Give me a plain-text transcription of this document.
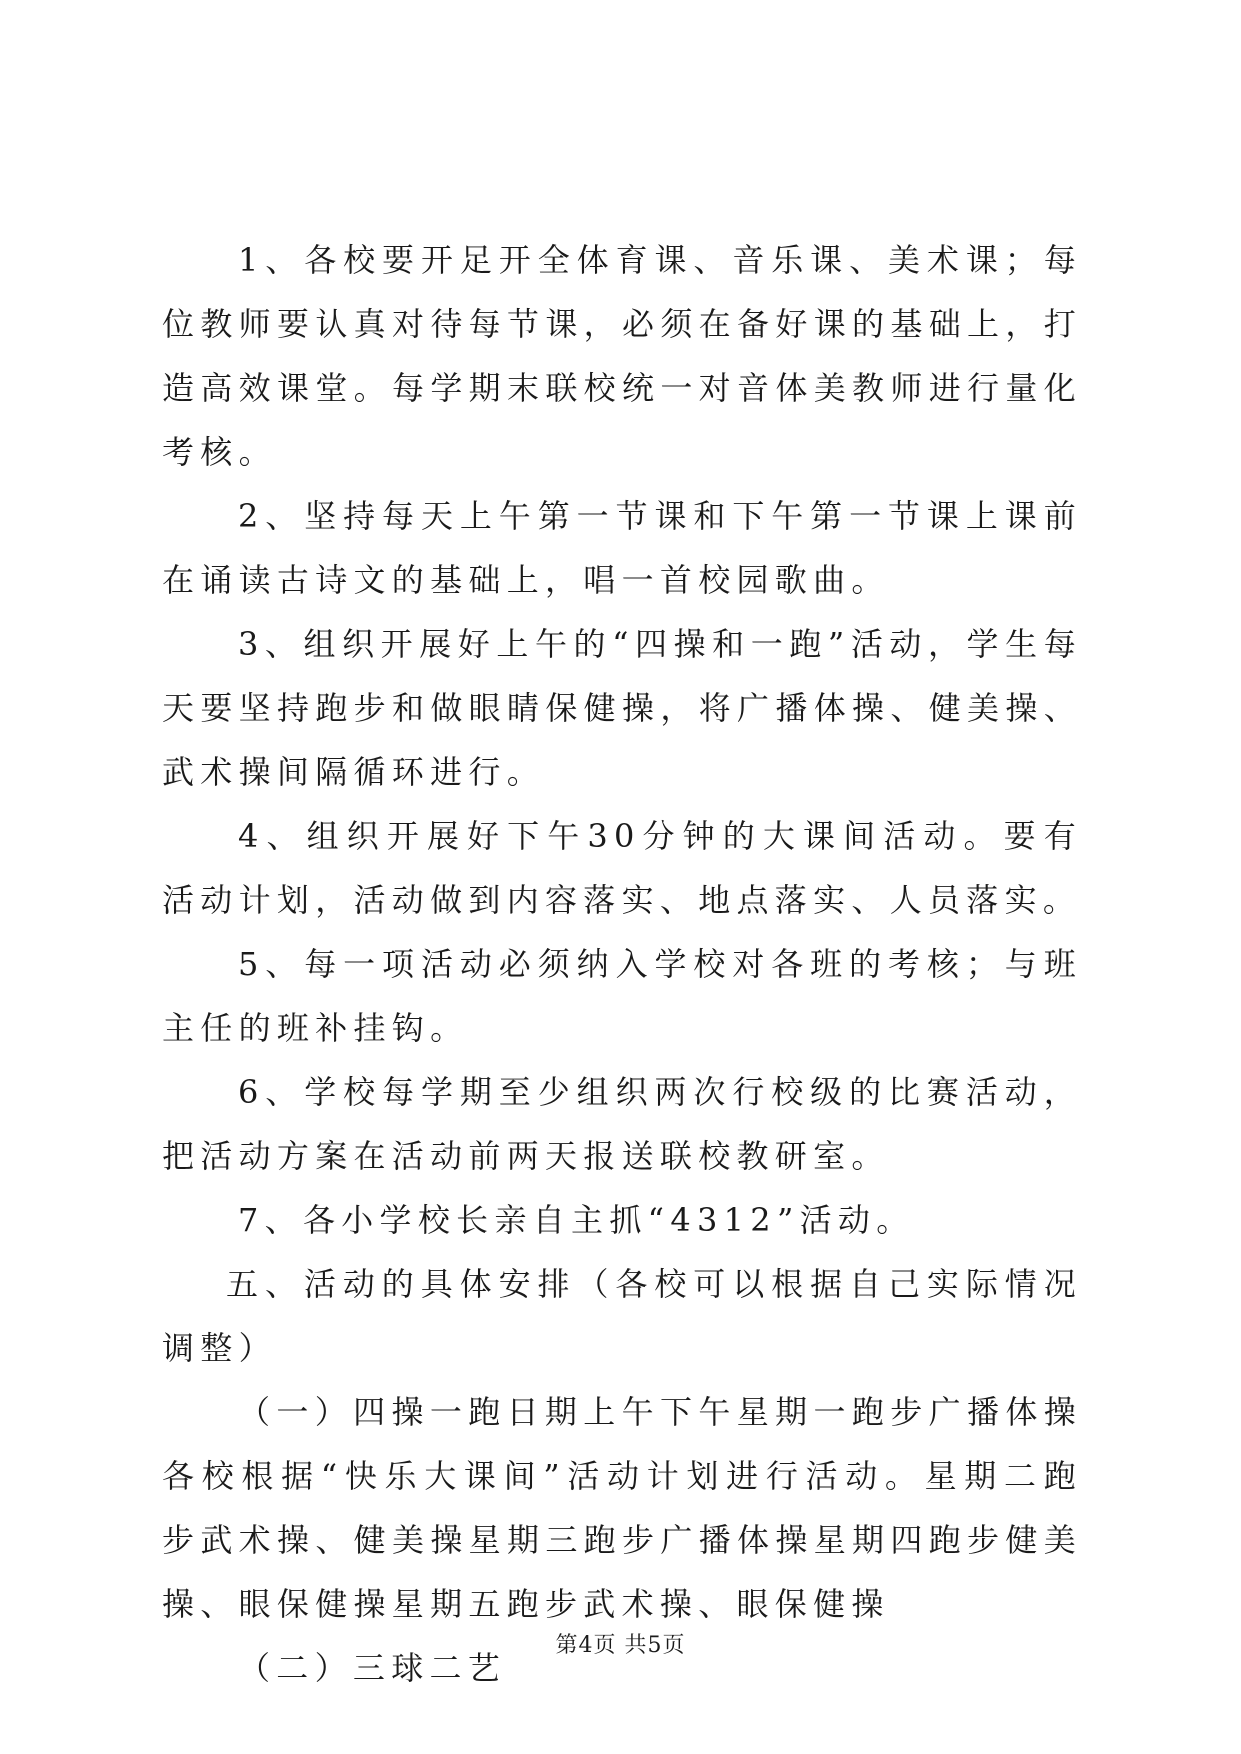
1、各校要开足开全体育课、音乐课、美术课；每位教师要认真对待每节课，必须在备好课的基础上，打造高效课堂。每学期末联校统一对音体美教师进行量化考核。

2、坚持每天上午第一节课和下午第一节课上课前在诵读古诗文的基础上，唱一首校园歌曲。

3、组织开展好上午的“四操和一跑”活动，学生每天要坚持跑步和做眼睛保健操，将广播体操、健美操、武术操间隔循环进行。

4、组织开展好下午30分钟的大课间活动。要有活动计划，活动做到内容落实、地点落实、人员落实。

5、每一项活动必须纳入学校对各班的考核；与班主任的班补挂钩。

6、学校每学期至少组织两次行校级的比赛活动，把活动方案在活动前两天报送联校教研室。

7、各小学校长亲自主抓“4312”活动。

五、活动的具体安排（各校可以根据自己实际情况调整）

（一）四操一跑日期上午下午星期一跑步广播体操各校根据“快乐大课间”活动计划进行活动。星期二跑步武术操、健美操星期三跑步广播体操星期四跑步健美操、眼保健操星期五跑步武术操、眼保健操

（二）三球二艺

第4页 共5页
